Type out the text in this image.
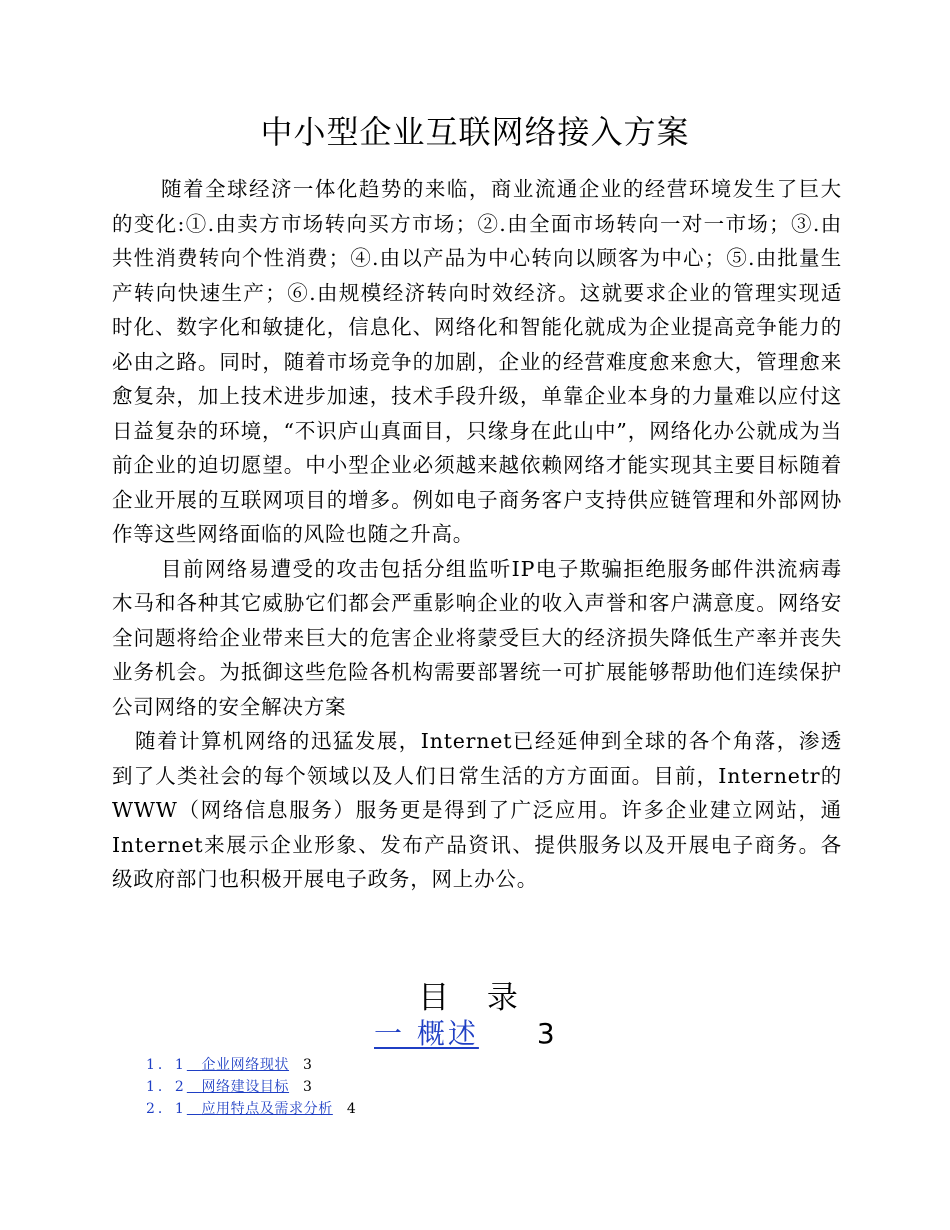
中小型企业互联网络接入方案

随着全球经济一体化趋势的来临，商业流通企业的经营环境发生了巨大的变化:①.由卖方市场转向买方市场；②.由全面市场转向一对一市场；③.由共性消费转向个性消费；④.由以产品为中心转向以顾客为中心；⑤.由批量生产转向快速生产；⑥.由规模经济转向时效经济。这就要求企业的管理实现适时化、数字化和敏捷化，信息化、网络化和智能化就成为企业提高竞争能力的必由之路。同时，随着市场竞争的加剧，企业的经营难度愈来愈大，管理愈来愈复杂，加上技术进步加速，技术手段升级，单靠企业本身的力量难以应付这日益复杂的环境，“不识庐山真面目，只缘身在此山中”，网络化办公就成为当前企业的迫切愿望。中小型企业必须越来越依赖网络才能实现其主要目标随着企业开展的互联网项目的增多。例如电子商务客户支持供应链管理和外部网协作等这些网络面临的风险也随之升高。

目前网络易遭受的攻击包括分组监听IP电子欺骗拒绝服务邮件洪流病毒木马和各种其它威胁它们都会严重影响企业的收入声誉和客户满意度。网络安全问题将给企业带来巨大的危害企业将蒙受巨大的经济损失降低生产率并丧失业务机会。为抵御这些危险各机构需要部署统一可扩展能够帮助他们连续保护公司网络的安全解决方案

随着计算机网络的迅猛发展，Internet已经延伸到全球的各个角落，渗透到了人类社会的每个领域以及人们日常生活的方方面面。目前，Internetr的　WWW（网络信息服务）服务更是得到了广泛应用。许多企业建立网站，通Internet来展示企业形象、发布产品资讯、提供服务以及开展电子商务。各级政府部门也积极开展电子政务，网上办公。

目 录
一 概述 3
1．1　 企业网络现状 3
1．2　 网络建设目标 3
2．1　 应用特点及需求分析 4
